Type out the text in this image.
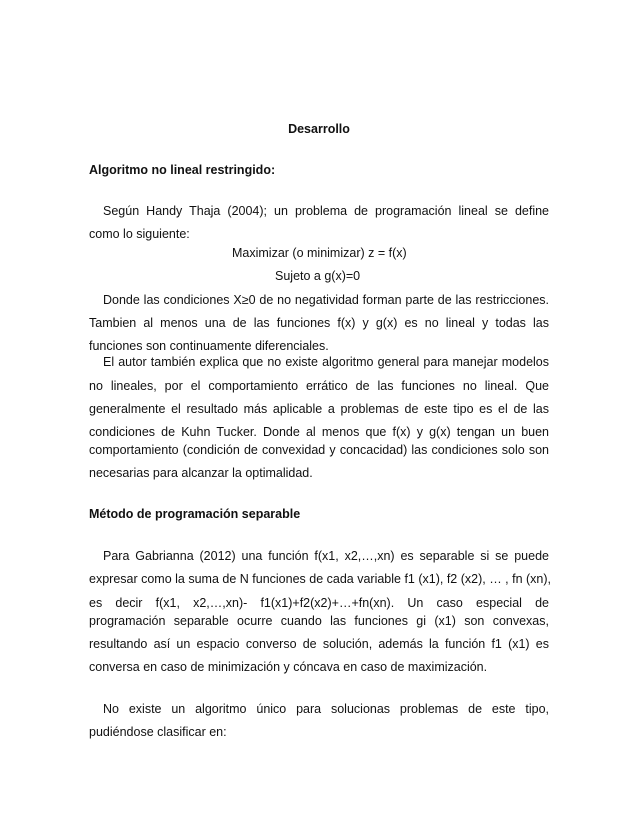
Desarrollo
Algoritmo no lineal restringido:
Según Handy Thaja (2004); un problema de programación lineal se define
como lo siguiente:
Maximizar (o minimizar) z = f(x)
Sujeto a g(x)=0
Donde las condiciones X≥0 de no negatividad forman parte de las restricciones.
Tambien al menos una de las funciones f(x) y g(x) es no lineal y todas las
funciones son continuamente diferenciales.
El autor también explica que no existe algoritmo general para manejar modelos
no lineales, por el comportamiento errático de las funciones no lineal. Que
generalmente el resultado más aplicable a problemas de este tipo es el de las
condiciones de Kuhn Tucker. Donde al menos que f(x) y g(x) tengan un buen
comportamiento (condición de convexidad y concacidad) las condiciones solo son
necesarias para alcanzar la optimalidad.
Método de programación separable
Para Gabrianna (2012) una función f(x1, x2,…,xn) es separable si se puede
expresar como la suma de N funciones de cada variable f1 (x1), f2 (x2), … , fn (xn),
es decir f(x1, x2,…,xn)- f1(x1)+f2(x2)+…+fn(xn). Un caso especial de
programación separable ocurre cuando las funciones gi (x1) son convexas,
resultando así un espacio converso de solución, además la función f1 (x1) es
conversa en caso de minimización y cóncava en caso de maximización.
No existe un algoritmo único para solucionas problemas de este tipo,
pudiéndose clasificar en:
